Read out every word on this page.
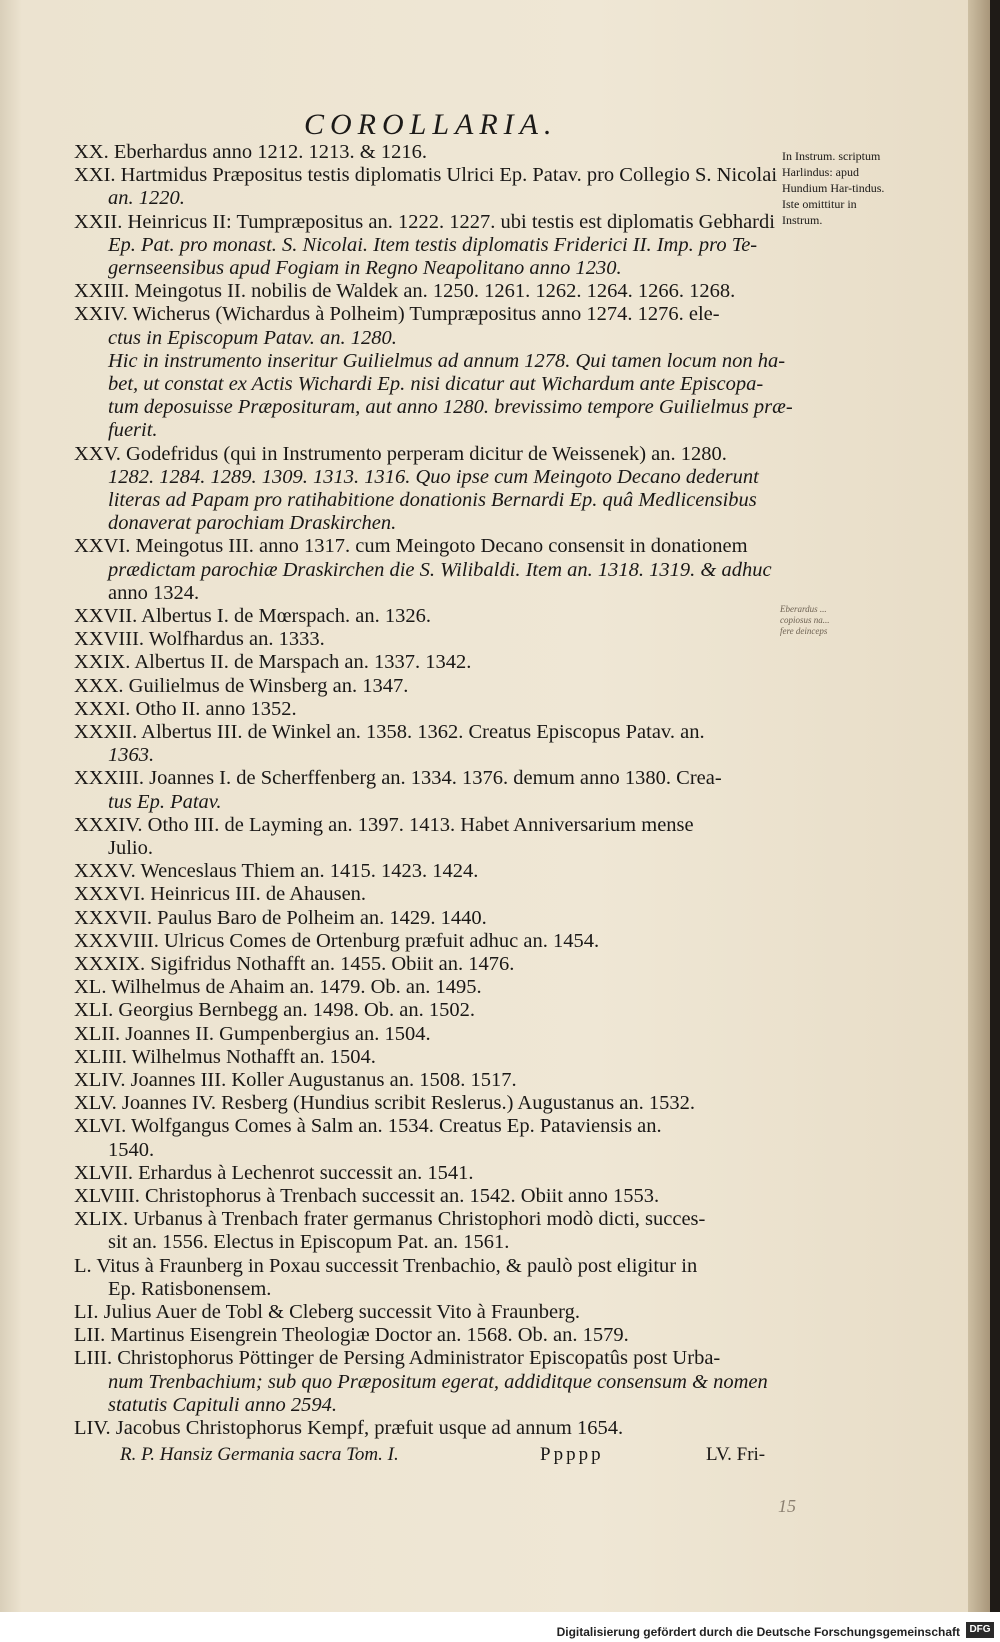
COROLLARIA.
XX. Eberhardus anno 1212. 1213. & 1216.
XXI. Hartmidus Præpositus testis diplomatis Ulrici Ep. Patav. pro Collegio S. Nicolai
an. 1220.
XXII. Heinricus II: Tumpræpositus an. 1222. 1227. ubi testis est diplomatis Gebhardi
Ep. Pat. pro monast. S. Nicolai. Item testis diplomatis Friderici II. Imp. pro Te-
gernseensibus apud Fogiam in Regno Neapolitano anno 1230.
XXIII. Meingotus II. nobilis de Waldek an. 1250. 1261. 1262. 1264. 1266. 1268.
XXIV. Wicherus (Wichardus à Polheim) Tumpræpositus anno 1274. 1276. ele-
ctus in Episcopum Patav. an. 1280.
Hic in instrumento inseritur Guilielmus ad annum 1278. Qui tamen locum non ha-
bet, ut constat ex Actis Wichardi Ep. nisi dicatur aut Wichardum ante Episcopa-
tum deposuisse Præposituram, aut anno 1280. brevissimo tempore Guilielmus præ-
fuerit.
XXV. Godefridus (qui in Instrumento perperam dicitur de Weissenek) an. 1280.
1282. 1284. 1289. 1309. 1313. 1316. Quo ipse cum Meingoto Decano dederunt
literas ad Papam pro ratihabitione donationis Bernardi Ep. quâ Medlicensibus
donaverat parochiam Draskirchen.
XXVI. Meingotus III. anno 1317. cum Meingoto Decano consensit in donationem
prædictam parochiæ Draskirchen die S. Wilibaldi. Item an. 1318. 1319. & adhuc
anno 1324.
XXVII. Albertus I. de Mœrspach. an. 1326.
XXVIII. Wolfhardus an. 1333.
XXIX. Albertus II. de Marspach an. 1337. 1342.
XXX. Guilielmus de Winsberg an. 1347.
XXXI. Otho II. anno 1352.
XXXII. Albertus III. de Winkel an. 1358. 1362. Creatus Episcopus Patav. an.
1363.
XXXIII. Joannes I. de Scherffenberg an. 1334. 1376. demum anno 1380. Crea-
tus Ep. Patav.
XXXIV. Otho III. de Layming an. 1397. 1413. Habet Anniversarium mense
Julio.
XXXV. Wenceslaus Thiem an. 1415. 1423. 1424.
XXXVI. Heinricus III. de Ahausen.
XXXVII. Paulus Baro de Polheim an. 1429. 1440.
XXXVIII. Ulricus Comes de Ortenburg præfuit adhuc an. 1454.
XXXIX. Sigifridus Nothafft an. 1455. Obiit an. 1476.
XL. Wilhelmus de Ahaim an. 1479. Ob. an. 1495.
XLI. Georgius Bernbegg an. 1498. Ob. an. 1502.
XLII. Joannes II. Gumpenbergius an. 1504.
XLIII. Wilhelmus Nothafft an. 1504.
XLIV. Joannes III. Koller Augustanus an. 1508. 1517.
XLV. Joannes IV. Resberg (Hundius scribit Reslerus.) Augustanus an. 1532.
XLVI. Wolfgangus Comes à Salm an. 1534. Creatus Ep. Pataviensis an.
1540.
XLVII. Erhardus à Lechenrot successit an. 1541.
XLVIII. Christophorus à Trenbach successit an. 1542. Obiit anno 1553.
XLIX. Urbanus à Trenbach frater germanus Christophori modò dicti, succes-
sit an. 1556. Electus in Episcopum Pat. an. 1561.
L. Vitus à Fraunberg in Poxau successit Trenbachio, & paulò post eligitur in
Ep. Ratisbonensem.
LI. Julius Auer de Tobl & Cleberg successit Vito à Fraunberg.
LII. Martinus Eisengrein Theologiæ Doctor an. 1568. Ob. an. 1579.
LIII. Christophorus Pöttinger de Persing Administrator Episcopatûs post Urba-
num Trenbachium; sub quo Præpositum egerat, addiditque consensum & nomen
statutis Capituli anno 2594.
LIV. Jacobus Christophorus Kempf, præfuit usque ad annum 1654.
In Instrum. scriptum Harlindus: apud Hundium Har-tindus. Iste omittitur in Instrum.
Eberardus ... copiosus na... fere deinceps
R. P. Hansiz Germania sacra Tom. I.	Ppppp	LV. Fri-
15
Digitalisierung gefördert durch die Deutsche Forschungsgemeinschaft DFG
